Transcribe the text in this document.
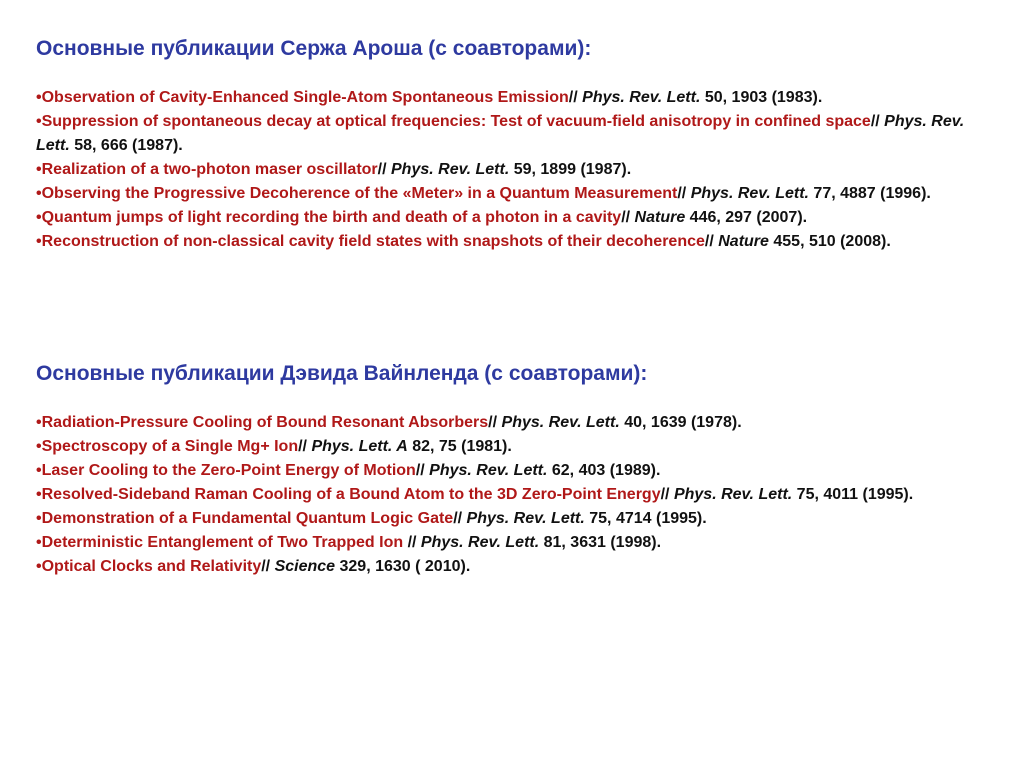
Основные публикации Сержа Ароша (с соавторами):
•Observation of Cavity-Enhanced Single-Atom Spontaneous Emission// Phys. Rev. Lett. 50, 1903 (1983).
•Suppression of spontaneous decay at optical frequencies: Test of vacuum-field anisotropy in confined space// Phys. Rev. Lett. 58, 666 (1987).
•Realization of a two-photon maser oscillator// Phys. Rev. Lett. 59, 1899 (1987).
•Observing the Progressive Decoherence of the «Meter» in a Quantum Measurement// Phys. Rev. Lett. 77, 4887 (1996).
•Quantum jumps of light recording the birth and death of a photon in a cavity// Nature 446, 297 (2007).
•Reconstruction of non-classical cavity field states with snapshots of their decoherence// Nature 455, 510 (2008).
Основные публикации Дэвида Вайнленда (с соавторами):
•Radiation-Pressure Cooling of Bound Resonant Absorbers// Phys. Rev. Lett. 40, 1639 (1978).
•Spectroscopy of a Single Mg+ Ion// Phys. Lett. A 82, 75 (1981).
•Laser Cooling to the Zero-Point Energy of Motion// Phys. Rev. Lett. 62, 403 (1989).
•Resolved-Sideband Raman Cooling of a Bound Atom to the 3D Zero-Point Energy// Phys. Rev. Lett. 75, 4011 (1995).
•Demonstration of a Fundamental Quantum Logic Gate// Phys. Rev. Lett. 75, 4714 (1995).
•Deterministic Entanglement of Two Trapped Ion // Phys. Rev. Lett. 81, 3631 (1998).
•Optical Clocks and Relativity// Science 329, 1630 ( 2010).
